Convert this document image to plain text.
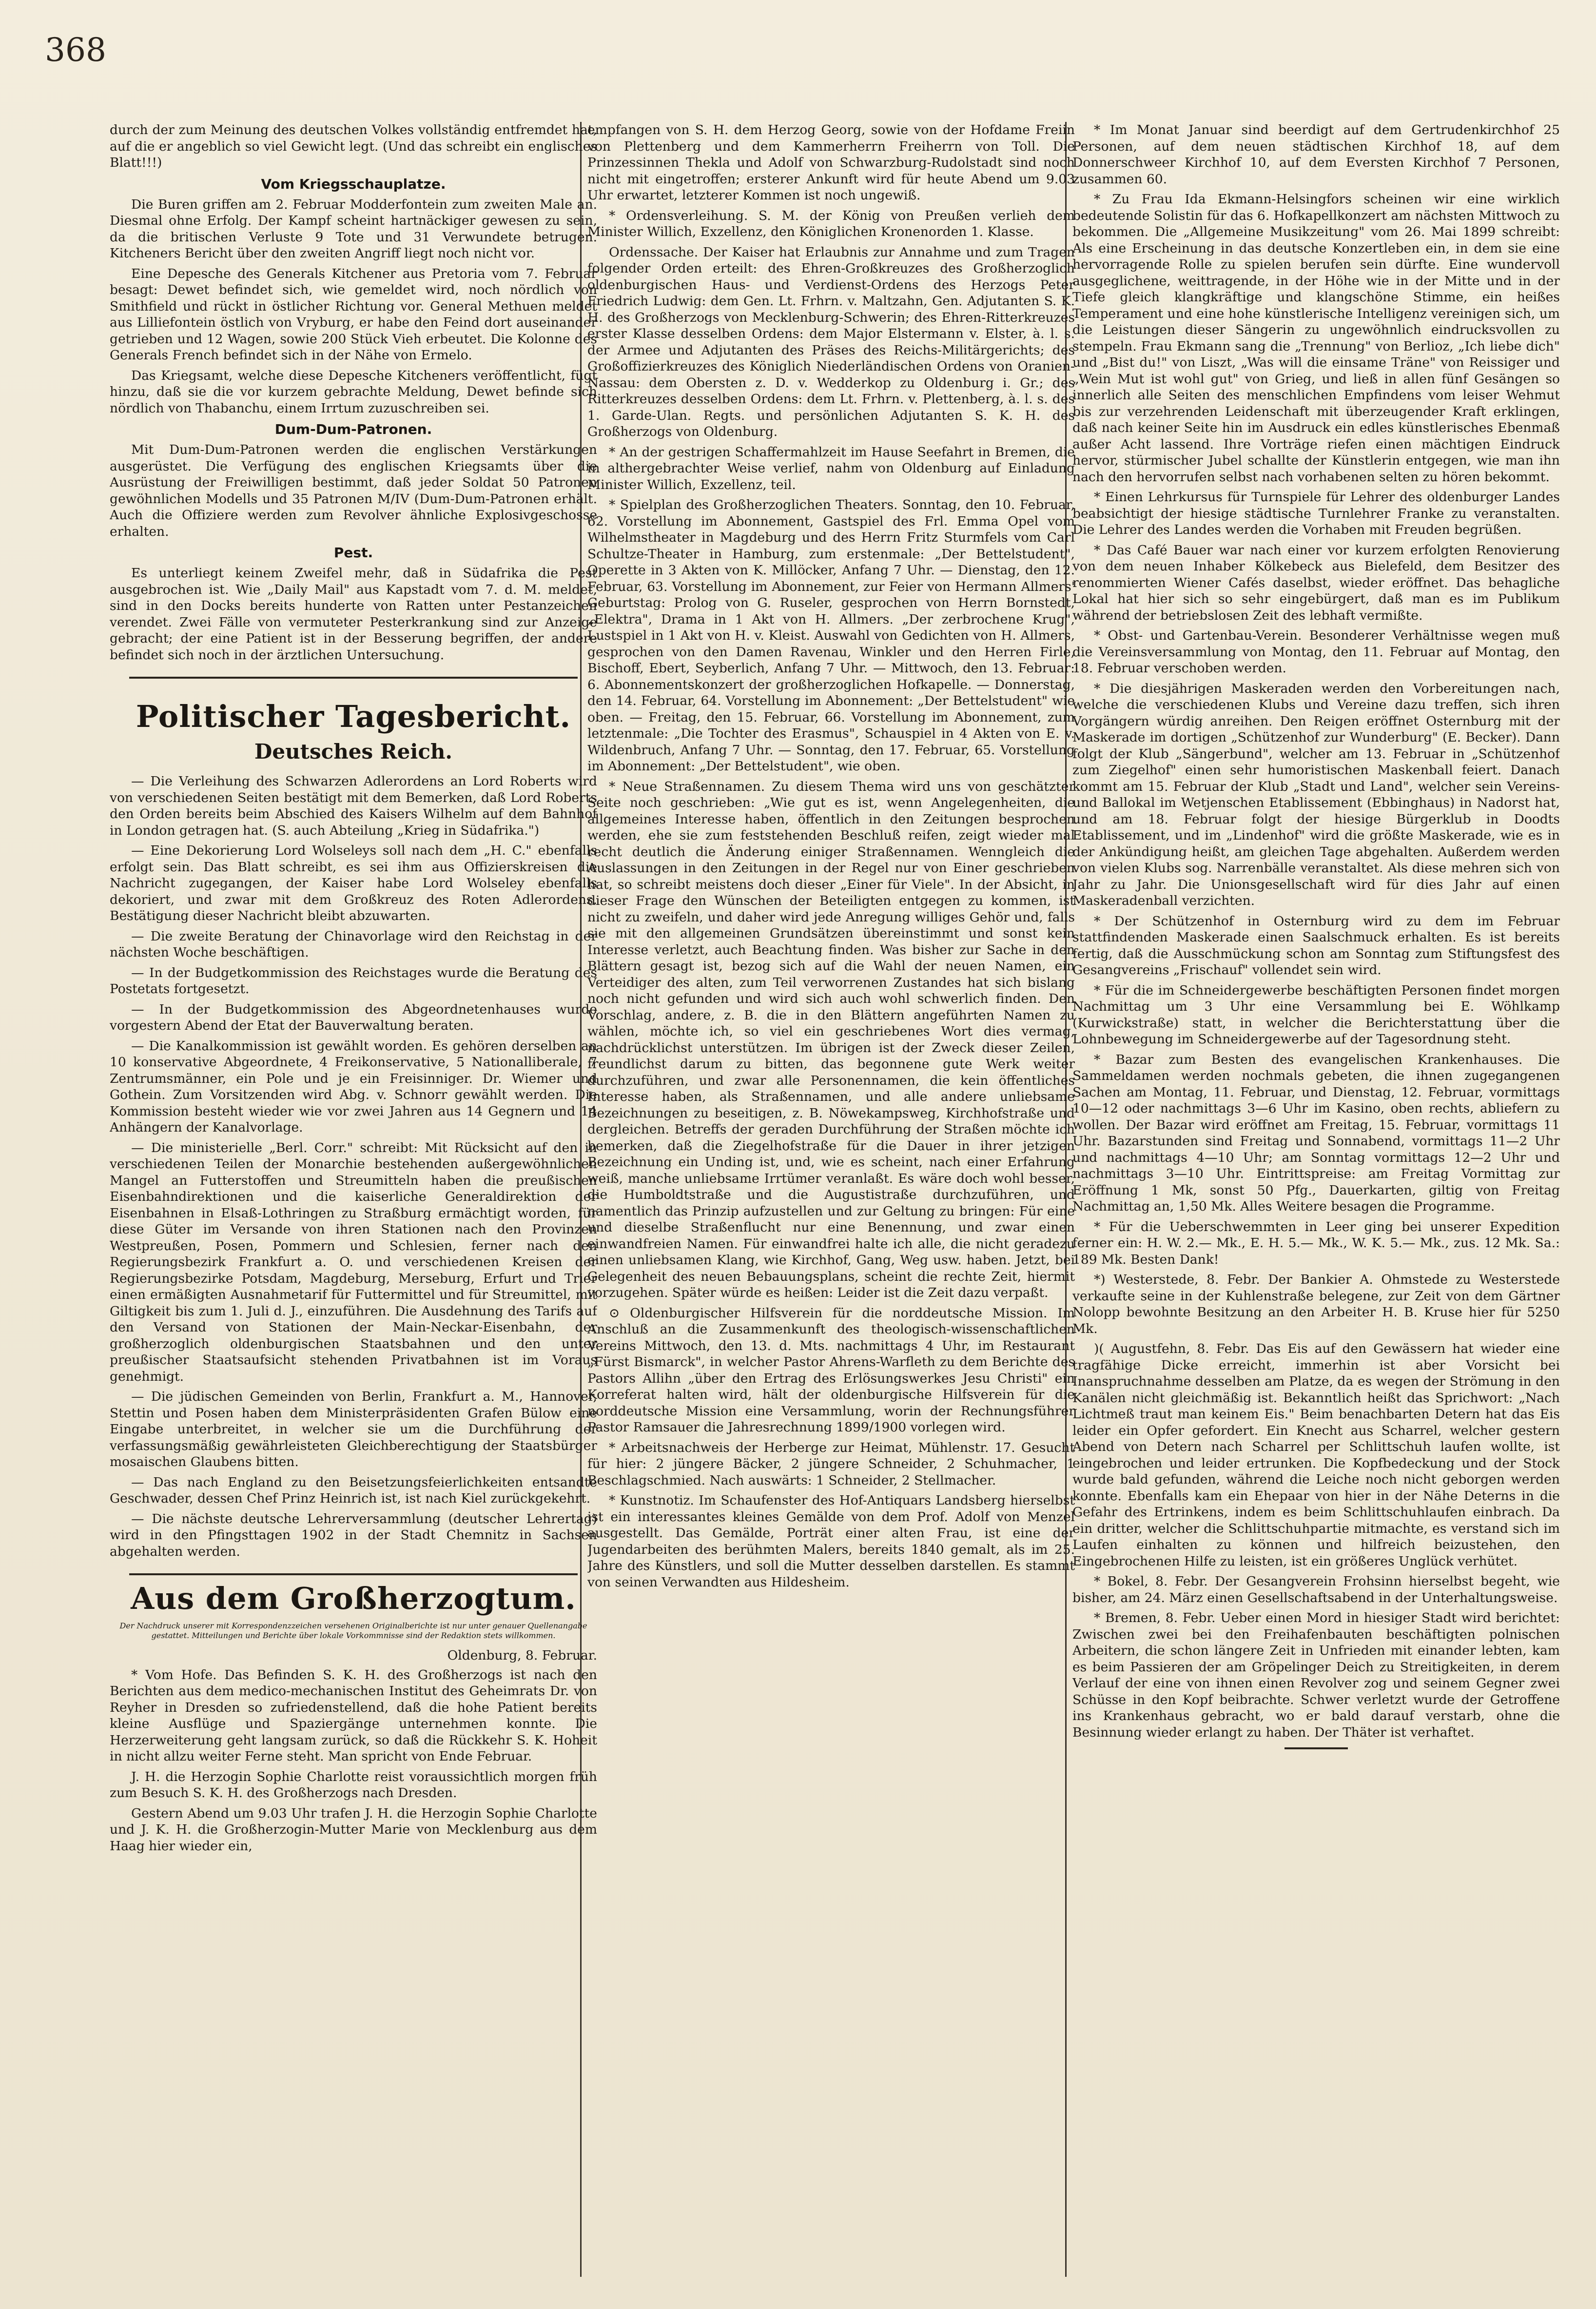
368

durch der zum Meinung des deutschen Volkes vollständig entfremdet hat, auf die er angeblich so viel Gewicht legt. (Und das schreibt ein englisches Blatt!!!)

Vom Kriegsschauplatze.

Die Buren griffen am 2. Februar Modderfontein zum zweiten Male an. Diesmal ohne Erfolg. Der Kampf scheint hartnäckiger gewesen zu sein, da die britischen Verluste 9 Tote und 31 Verwundete betrugen. Kitcheners Bericht über den zweiten Angriff liegt noch nicht vor.

Eine Depesche des Generals Kitchener aus Pretoria vom 7. Februar besagt: Dewet befindet sich, wie gemeldet wird, noch nördlich von Smithfield und rückt in östlicher Richtung vor. General Methuen meldet aus Lilliefontein östlich von Vryburg, er habe den Feind dort auseinander getrieben und 12 Wagen, sowie 200 Stück Vieh erbeutet. Die Kolonne des Generals French befindet sich in der Nähe von Ermelo.

Das Kriegsamt, welche diese Depesche Kitcheners veröffentlicht, fügt hinzu, daß sie die vor kurzem gebrachte Meldung, Dewet befinde sich nördlich von Thabanchu, einem Irrtum zuzuschreiben sei.

Dum-Dum-Patronen.

Mit Dum-Dum-Patronen werden die englischen Verstärkungen ausgerüstet. Die Verfügung des englischen Kriegsamts über die Ausrüstung der Freiwilligen bestimmt, daß jeder Soldat 50 Patronen gewöhnlichen Modells und 35 Patronen M/IV (Dum-Dum-Patronen erhält. Auch die Offiziere werden zum Revolver ähnliche Explosivgeschosse erhalten.

Pest.

Es unterliegt keinem Zweifel mehr, daß in Südafrika die Pest ausgebrochen ist. Wie „Daily Mail" aus Kapstadt vom 7. d. M. meldet, sind in den Docks bereits hunderte von Ratten unter Pestanzeichen verendet. Zwei Fälle von vermuteter Pesterkrankung sind zur Anzeige gebracht; der eine Patient ist in der Besserung begriffen, der andere befindet sich noch in der ärztlichen Untersuchung.

Politischer Tagesbericht.
Deutsches Reich.

— Die Verleihung des Schwarzen Adlerordens an Lord Roberts wird von verschiedenen Seiten bestätigt mit dem Bemerken, daß Lord Roberts den Orden bereits beim Abschied des Kaisers Wilhelm auf dem Bahnhof in London getragen hat. (S. auch Abteilung „Krieg in Südafrika.")

— Eine Dekorierung Lord Wolseleys soll nach dem „H. C." ebenfalls erfolgt sein. Das Blatt schreibt, es sei ihm aus Offizierskreisen die Nachricht zugegangen, der Kaiser habe Lord Wolseley ebenfalls dekoriert, und zwar mit dem Großkreuz des Roten Adlerordens. Bestätigung dieser Nachricht bleibt abzuwarten.

— Die zweite Beratung der Chinavorlage wird den Reichstag in der nächsten Woche beschäftigen.

— In der Budgetkommission des Reichstages wurde die Beratung des Postetats fortgesetzt.

— In der Budgetkommission des Abgeordnetenhauses wurde vorgestern Abend der Etat der Bauverwaltung beraten.

— Die Kanalkommission ist gewählt worden. Es gehören derselben an 10 konservative Abgeordnete, 4 Freikonservative, 5 Nationalliberale, 7 Zentrumsmänner, ein Pole und je ein Freisinniger. Dr. Wiemer und Gothein. Zum Vorsitzenden wird Abg. v. Schnorr gewählt werden. Die Kommission besteht wieder wie vor zwei Jahren aus 14 Gegnern und 14 Anhängern der Kanalvorlage.

— Die ministerielle „Berl. Corr." schreibt: Mit Rücksicht auf den in verschiedenen Teilen der Monarchie bestehenden außergewöhnlichen Mangel an Futterstoffen und Streumitteln haben die preußischen Eisenbahndirektionen und die kaiserliche Generaldirektion der Eisenbahnen in Elsaß-Lothringen zu Straßburg ermächtigt worden, für diese Güter im Versande von ihren Stationen nach den Provinzen Westpreußen, Posen, Pommern und Schlesien, ferner nach den Regierungsbezirk Frankfurt a. O. und verschiedenen Kreisen der Regierungsbezirke Potsdam, Magdeburg, Merseburg, Erfurt und Trier einen ermäßigten Ausnahmetarif für Futtermittel und für Streumittel, mit Giltigkeit bis zum 1. Juli d. J., einzuführen. Die Ausdehnung des Tarifs auf den Versand von Stationen der Main-Neckar-Eisenbahn, der großherzoglich oldenburgischen Staatsbahnen und den unter preußischer Staatsaufsicht stehenden Privatbahnen ist im Voraus genehmigt.

— Die jüdischen Gemeinden von Berlin, Frankfurt a. M., Hannover, Stettin und Posen haben dem Ministerpräsidenten Grafen Bülow eine Eingabe unterbreitet, in welcher sie um die Durchführung der verfassungsmäßig gewährleisteten Gleichberechtigung der Staatsbürger mosaischen Glaubens bitten.

— Das nach England zu den Beisetzungsfeierlichkeiten entsandte Geschwader, dessen Chef Prinz Heinrich ist, ist nach Kiel zurückgekehrt.

— Die nächste deutsche Lehrerversammlung (deutscher Lehrertag) wird in den Pfingsttagen 1902 in der Stadt Chemnitz in Sachsen abgehalten werden.

Aus dem Großherzogtum.
Der Nachdruck unserer mit Korrespondenzzeichen versehenen Originalberichte ist nur unter genauer Quellenangabe gestattet. Mitteilungen und Berichte über lokale Vorkommnisse sind der Redaktion stets willkommen.
Oldenburg, 8. Februar.

* Vom Hofe. Das Befinden S. K. H. des Großherzogs ist nach den Berichten aus dem medico-mechanischen Institut des Geheimrats Dr. von Reyher in Dresden so zufriedenstellend, daß die hohe Patient bereits kleine Ausflüge und Spaziergänge unternehmen konnte. Die Herzerweiterung geht langsam zurück, so daß die Rückkehr S. K. Hoheit in nicht allzu weiter Ferne steht. Man spricht von Ende Februar.

J. H. die Herzogin Sophie Charlotte reist voraussichtlich morgen früh zum Besuch S. K. H. des Großherzogs nach Dresden.

Gestern Abend um 9.03 Uhr trafen J. H. die Herzogin Sophie Charlotte und J. K. H. die Großherzogin-Mutter Marie von Mecklenburg aus dem Haag hier wieder ein,

empfangen von S. H. dem Herzog Georg, sowie von der Hofdame Freiin von Plettenberg und dem Kammerherrn Freiherrn von Toll. Die Prinzessinnen Thekla und Adolf von Schwarzburg-Rudolstadt sind noch nicht mit eingetroffen; ersterer Ankunft wird für heute Abend um 9.03 Uhr erwartet, letzterer Kommen ist noch ungewiß.

* Ordensverleihung. S. M. der König von Preußen verlieh dem Minister Willich, Exzellenz, den Königlichen Kronenorden 1. Klasse.

Ordenssache. Der Kaiser hat Erlaubnis zur Annahme und zum Tragen folgender Orden erteilt: des Ehren-Großkreuzes des Großherzoglich oldenburgischen Haus- und Verdienst-Ordens des Herzogs Peter Friedrich Ludwig: dem Gen. Lt. Frhrn. v. Maltzahn, Gen. Adjutanten S. K. H. des Großherzogs von Mecklenburg-Schwerin; des Ehren-Ritterkreuzes erster Klasse desselben Ordens: dem Major Elstermann v. Elster, à. l. s. der Armee und Adjutanten des Präses des Reichs-Militärgerichts; des Großoffizierkreuzes des Königlich Niederländischen Ordens von Oranien-Nassau: dem Obersten z. D. v. Wedderkop zu Oldenburg i. Gr.; des Ritterkreuzes desselben Ordens: dem Lt. Frhrn. v. Plettenberg, à. l. s. des 1. Garde-Ulan. Regts. und persönlichen Adjutanten S. K. H. des Großherzogs von Oldenburg.

* An der gestrigen Schaffermahlzeit im Hause Seefahrt in Bremen, die in althergebrachter Weise verlief, nahm von Oldenburg auf Einladung Minister Willich, Exzellenz, teil.

* Spielplan des Großherzoglichen Theaters. Sonntag, den 10. Februar, 62. Vorstellung im Abonnement, Gastspiel des Frl. Emma Opel vom Wilhelmstheater in Magdeburg und des Herrn Fritz Sturmfels vom Carl Schultze-Theater in Hamburg, zum erstenmale: „Der Bettelstudent", Operette in 3 Akten von K. Millöcker, Anfang 7 Uhr. — Dienstag, den 12. Februar, 63. Vorstellung im Abonnement, zur Feier von Hermann Allmers' Geburtstag: Prolog von G. Ruseler, gesprochen von Herrn Bornstedt, „Elektra", Drama in 1 Akt von H. Allmers. „Der zerbrochene Krug", Lustspiel in 1 Akt von H. v. Kleist. Auswahl von Gedichten von H. Allmers, gesprochen von den Damen Ravenau, Winkler und den Herren Firle, Bischoff, Ebert, Seyberlich, Anfang 7 Uhr. — Mittwoch, den 13. Februar: 6. Abonnementskonzert der großherzoglichen Hofkapelle. — Donnerstag, den 14. Februar, 64. Vorstellung im Abonnement: „Der Bettelstudent" wie oben. — Freitag, den 15. Februar, 66. Vorstellung im Abonnement, zum letztenmale: „Die Tochter des Erasmus", Schauspiel in 4 Akten von E. v. Wildenbruch, Anfang 7 Uhr. — Sonntag, den 17. Februar, 65. Vorstellung im Abonnement: „Der Bettelstudent", wie oben.

* Neue Straßennamen. Zu diesem Thema wird uns von geschätzter Seite noch geschrieben: „Wie gut es ist, wenn Angelegenheiten, die allgemeines Interesse haben, öffentlich in den Zeitungen besprochen werden, ehe sie zum feststehenden Beschluß reifen, zeigt wieder mal recht deutlich die Änderung einiger Straßennamen. Wenngleich die Auslassungen in den Zeitungen in der Regel nur von Einer geschrieben hat, so schreibt meistens doch dieser „Einer für Viele". In der Absicht, in dieser Frage den Wünschen der Beteiligten entgegen zu kommen, ist nicht zu zweifeln, und daher wird jede Anregung williges Gehör und, falls sie mit den allgemeinen Grundsätzen übereinstimmt und sonst kein Interesse verletzt, auch Beachtung finden. Was bisher zur Sache in den Blättern gesagt ist, bezog sich auf die Wahl der neuen Namen, ein Verteidiger des alten, zum Teil verworrenen Zustandes hat sich bislang noch nicht gefunden und wird sich auch wohl schwerlich finden. Den Vorschlag, andere, z. B. die in den Blättern angeführten Namen zu wählen, möchte ich, so viel ein geschriebenes Wort dies vermag, nachdrücklichst unterstützen. Im übrigen ist der Zweck dieser Zeilen, freundlichst darum zu bitten, das begonnene gute Werk weiter durchzuführen, und zwar alle Personennamen, die kein öffentliches Interesse haben, als Straßennamen, und alle andere unliebsame Bezeichnungen zu beseitigen, z. B. Nöwekampsweg, Kirchhofstraße und dergleichen. Betreffs der geraden Durchführung der Straßen möchte ich bemerken, daß die Ziegelhofstraße für die Dauer in ihrer jetzigen Bezeichnung ein Unding ist, und, wie es scheint, nach einer Erfahrung weiß, manche unliebsame Irrtümer veranlaßt. Es wäre doch wohl besser, die Humboldtstraße und die Augustistraße durchzuführen, und namentlich das Prinzip aufzustellen und zur Geltung zu bringen: Für eine und dieselbe Straßenflucht nur eine Benennung, und zwar einen einwandfreien Namen. Für einwandfrei halte ich alle, die nicht geradezu einen unliebsamen Klang, wie Kirchhof, Gang, Weg usw. haben. Jetzt, bei Gelegenheit des neuen Bebauungsplans, scheint die rechte Zeit, hiermit vorzugehen. Später würde es heißen: Leider ist die Zeit dazu verpaßt.

⊙ Oldenburgischer Hilfsverein für die norddeutsche Mission. Im Anschluß an die Zusammenkunft des theologisch-wissenschaftlichen Vereins Mittwoch, den 13. d. Mts. nachmittags 4 Uhr, im Restaurant „Fürst Bismarck", in welcher Pastor Ahrens-Warfleth zu dem Berichte des Pastors Allihn „über den Ertrag des Erlösungswerkes Jesu Christi" ein Korreferat halten wird, hält der oldenburgische Hilfsverein für die norddeutsche Mission eine Versammlung, worin der Rechnungsführer Pastor Ramsauer die Jahresrechnung 1899/1900 vorlegen wird.

* Arbeitsnachweis der Herberge zur Heimat, Mühlenstr. 17. Gesucht für hier: 2 jüngere Bäcker, 2 jüngere Schneider, 2 Schuhmacher, 1 Beschlagschmied. Nach auswärts: 1 Schneider, 2 Stellmacher.

* Kunstnotiz. Im Schaufenster des Hof-Antiquars Landsberg hierselbst ist ein interessantes kleines Gemälde von dem Prof. Adolf von Menzel ausgestellt. Das Gemälde, Porträt einer alten Frau, ist eine der Jugendarbeiten des berühmten Malers, bereits 1840 gemalt, als im 25. Jahre des Künstlers, und soll die Mutter desselben darstellen. Es stammt von seinen Verwandten aus Hildesheim.

* Im Monat Januar sind beerdigt auf dem Gertrudenkirchhof 25 Personen, auf dem neuen städtischen Kirchhof 18, auf dem Donnerschweer Kirchhof 10, auf dem Eversten Kirchhof 7 Personen, zusammen 60.

* Zu Frau Ida Ekmann-Helsingfors scheinen wir eine wirklich bedeutende Solistin für das 6. Hofkapellkonzert am nächsten Mittwoch zu bekommen. Die „Allgemeine Musikzeitung" vom 26. Mai 1899 schreibt: Als eine Erscheinung in das deutsche Konzertleben ein, in dem sie eine hervorragende Rolle zu spielen berufen sein dürfte. Eine wundervoll ausgeglichene, weittragende, in der Höhe wie in der Mitte und in der Tiefe gleich klangkräftige und klangschöne Stimme, ein heißes Temperament und eine hohe künstlerische Intelligenz vereinigen sich, um die Leistungen dieser Sängerin zu ungewöhnlich eindrucksvollen zu stempeln. Frau Ekmann sang die „Trennung" von Berlioz, „Ich liebe dich" und „Bist du!" von Liszt, „Was will die einsame Träne" von Reissiger und „Wein Mut ist wohl gut" von Grieg, und ließ in allen fünf Gesängen so innerlich alle Seiten des menschlichen Empfindens vom leiser Wehmut bis zur verzehrenden Leidenschaft mit überzeugender Kraft erklingen, daß nach keiner Seite hin im Ausdruck ein edles künstlerisches Ebenmaß außer Acht lassend. Ihre Vorträge riefen einen mächtigen Eindruck hervor, stürmischer Jubel schallte der Künstlerin entgegen, wie man ihn nach den hervorrufen selbst nach vorhabenen selten zu hören bekommt.

* Einen Lehrkursus für Turnspiele für Lehrer des oldenburger Landes beabsichtigt der hiesige städtische Turnlehrer Franke zu veranstalten. Die Lehrer des Landes werden die Vorhaben mit Freuden begrüßen.

* Das Café Bauer war nach einer vor kurzem erfolgten Renovierung von dem neuen Inhaber Kölkebeck aus Bielefeld, dem Besitzer des renommierten Wiener Cafés daselbst, wieder eröffnet. Das behagliche Lokal hat hier sich so sehr eingebürgert, daß man es im Publikum während der betriebslosen Zeit des lebhaft vermißte.

* Obst- und Gartenbau-Verein. Besonderer Verhältnisse wegen muß die Vereinsversammlung von Montag, den 11. Februar auf Montag, den 18. Februar verschoben werden.

* Die diesjährigen Maskeraden werden den Vorbereitungen nach, welche die verschiedenen Klubs und Vereine dazu treffen, sich ihren Vorgängern würdig anreihen. Den Reigen eröffnet Osternburg mit der Maskerade im dortigen „Schützenhof zur Wunderburg" (E. Becker). Dann folgt der Klub „Sängerbund", welcher am 13. Februar in „Schützenhof zum Ziegelhof" einen sehr humoristischen Maskenball feiert. Danach kommt am 15. Februar der Klub „Stadt und Land", welcher sein Vereins- und Ballokal im Wetjenschen Etablissement (Ebbinghaus) in Nadorst hat, und am 18. Februar folgt der hiesige Bürgerklub in Doodts Etablissement, und im „Lindenhof" wird die größte Maskerade, wie es in der Ankündigung heißt, am gleichen Tage abgehalten. Außerdem werden von vielen Klubs sog. Narrenbälle veranstaltet. Als diese mehren sich von Jahr zu Jahr. Die Unionsgesellschaft wird für dies Jahr auf einen Maskeradenball verzichten.

* Der Schützenhof in Osternburg wird zu dem im Februar stattfindenden Maskerade einen Saalschmuck erhalten. Es ist bereits fertig, daß die Ausschmückung schon am Sonntag zum Stiftungsfest des Gesangvereins „Frischauf" vollendet sein wird.

* Für die im Schneidergewerbe beschäftigten Personen findet morgen Nachmittag um 3 Uhr eine Versammlung bei E. Wöhlkamp (Kurwickstraße) statt, in welcher die Berichterstattung über die Lohnbewegung im Schneidergewerbe auf der Tagesordnung steht.

* Bazar zum Besten des evangelischen Krankenhauses. Die Sammeldamen werden nochmals gebeten, die ihnen zugegangenen Sachen am Montag, 11. Februar, und Dienstag, 12. Februar, vormittags 10—12 oder nachmittags 3—6 Uhr im Kasino, oben rechts, abliefern zu wollen. Der Bazar wird eröffnet am Freitag, 15. Februar, vormittags 11 Uhr. Bazarstunden sind Freitag und Sonnabend, vormittags 11—2 Uhr und nachmittags 4—10 Uhr; am Sonntag vormittags 12—2 Uhr und nachmittags 3—10 Uhr. Eintrittspreise: am Freitag Vormittag zur Eröffnung 1 Mk, sonst 50 Pfg., Dauerkarten, giltig von Freitag Nachmittag an, 1,50 Mk. Alles Weitere besagen die Programme.

* Für die Ueberschwemmten in Leer ging bei unserer Expedition ferner ein: H. W. 2.— Mk., E. H. 5.— Mk., W. K. 5.— Mk., zus. 12 Mk. Sa.: 189 Mk. Besten Dank!

*) Westerstede, 8. Febr. Der Bankier A. Ohmstede zu Westerstede verkaufte seine in der Kuhlenstraße belegene, zur Zeit von dem Gärtner Nolopp bewohnte Besitzung an den Arbeiter H. B. Kruse hier für 5250 Mk.

)( Augustfehn, 8. Febr. Das Eis auf den Gewässern hat wieder eine tragfähige Dicke erreicht, immerhin ist aber Vorsicht bei Inanspruchnahme desselben am Platze, da es wegen der Strömung in den Kanälen nicht gleichmäßig ist. Bekanntlich heißt das Sprichwort: „Nach Lichtmeß traut man keinem Eis." Beim benachbarten Detern hat das Eis leider ein Opfer gefordert. Ein Knecht aus Scharrel, welcher gestern Abend von Detern nach Scharrel per Schlittschuh laufen wollte, ist eingebrochen und leider ertrunken. Die Kopfbedeckung und der Stock wurde bald gefunden, während die Leiche noch nicht geborgen werden konnte. Ebenfalls kam ein Ehepaar von hier in der Nähe Deterns in die Gefahr des Ertrinkens, indem es beim Schlittschuhlaufen einbrach. Da ein dritter, welcher die Schlittschuhpartie mitmachte, es verstand sich im Laufen einhalten zu können und hilfreich beizustehen, den Eingebrochenen Hilfe zu leisten, ist ein größeres Unglück verhütet.

* Bokel, 8. Febr. Der Gesangverein Frohsinn hierselbst begeht, wie bisher, am 24. März einen Gesellschaftsabend in der Unterhaltungsweise.

* Bremen, 8. Febr. Ueber einen Mord in hiesiger Stadt wird berichtet: Zwischen zwei bei den Freihafenbauten beschäftigten polnischen Arbeitern, die schon längere Zeit in Unfrieden mit einander lebten, kam es beim Passieren der am Gröpelinger Deich zu Streitigkeiten, in derem Verlauf der eine von ihnen einen Revolver zog und seinem Gegner zwei Schüsse in den Kopf beibrachte. Schwer verletzt wurde der Getroffene ins Krankenhaus gebracht, wo er bald darauf verstarb, ohne die Besinnung wieder erlangt zu haben. Der Thäter ist verhaftet.
